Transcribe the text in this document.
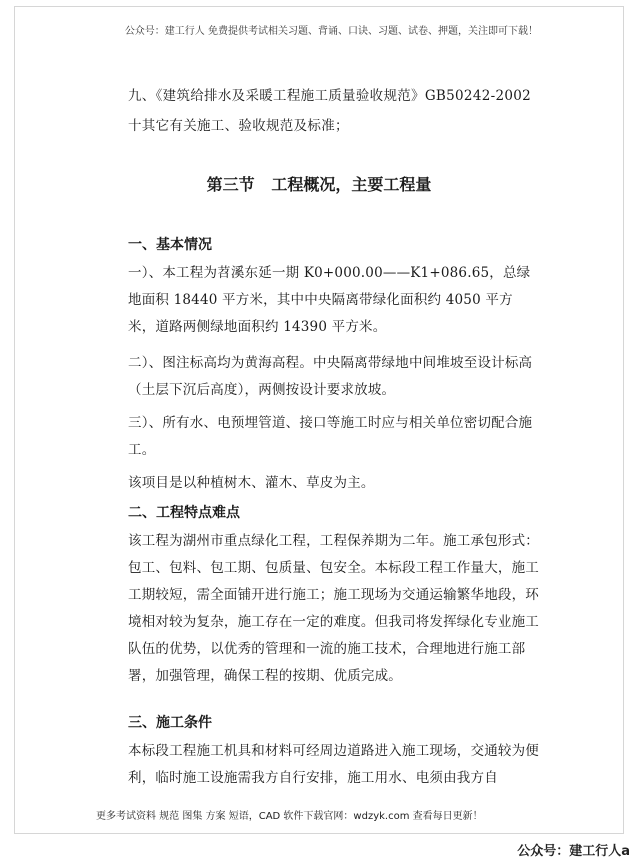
公众号：建工行人 免费提供考试相关习题、背诵、口诀、习题、试卷、押题，关注即可下载！
九、《建筑给排水及采暖工程施工质量验收规范》GB50242-2002
十其它有关施工、验收规范及标准；
第三节   工程概况，主要工程量
一、基本情况
一）、本工程为苕溪东延一期 K0+000.00——K1+086.65，总绿地面积 18440 平方米，其中中央隔离带绿化面积约 4050 平方米，道路两侧绿地面积约 14390 平方米。
二）、图注标高均为黄海高程。中央隔离带绿地中间堆坡至设计标高（土层下沉后高度），两侧按设计要求放坡。
三）、所有水、电预埋管道、接口等施工时应与相关单位密切配合施工。
该项目是以种植树木、灌木、草皮为主。
二、工程特点难点
该工程为湖州市重点绿化工程，工程保养期为二年。施工承包形式：包工、包料、包工期、包质量、包安全。本标段工程工作量大，施工工期较短，需全面铺开进行施工；施工现场为交通运输繁华地段，环境相对较为复杂，施工存在一定的难度。但我司将发挥绿化专业施工队伍的优势，以优秀的管理和一流的施工技术，合理地进行施工部署，加强管理，确保工程的按期、优质完成。
三、施工条件
本标段工程施工机具和材料可经周边道路进入施工现场，交通较为便利，临时施工设施需我方自行安排，施工用水、电须由我方自
更多考试资料 规范 图集 方案 短语，CAD 软件下载官网：wdzyk.com 查看每日更新！
公众号：建工行人a
